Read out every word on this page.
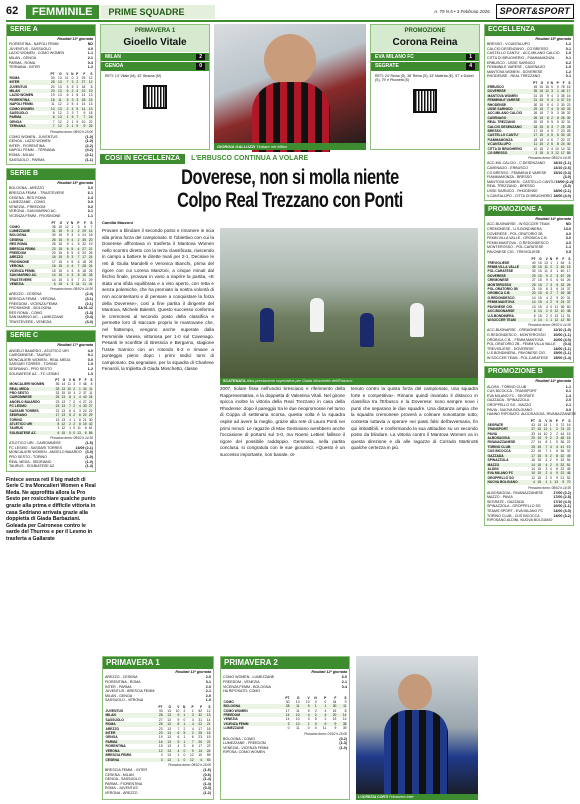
62	FEMMINILE	PRIME SQUADRE	A. 79 N.5 • 3 Febbraio 2026	SPORT&SPORT
SERIE A
Risultati 13ª giornata
FIORENTINA - NAPOLI FEMM.	ND
JUVENTUS - SASSUOLO	4-0
LAZIO WOMEN - COMO WOMEN	1-1
MILAN - GENOA	2-1
PARMA - ROMA	0-3
TERNANA - INTER	1-2
	PT	G	V	N	P	F	S
ROMA	33	13	11	0	2	25	12
INTER	28	13	7	3	2	27	12
JUVENTUS	20	13	5	5	3	18	8
MILAN	20	13	6	2	4	22	19
LAZIO WOMEN	19	13	6	1	6	14	13
FIORENTINA	18	11	5	3	3	18	15
NAPOLI FEMM.	11	12	2	5	4	14	13
COMO WOMEN	10	13	2	4	5	14	13
SASSUOLO	6	12	2	3	7	9	18
PARMA	6	13	1	5	7	7	16
GENOA	7	12	2	1	9	10	22
TERNANA	7	12	2	1	9	9	25
Prossimo turno: 08/02 h.15:00
COMO WOMEN - JUVENTUS	(1-0)
GENOA - LAZIO WOMEN	(1-0)
INTER - FIORENTINA	(2-2)
NAPOLI FEMM. - TERNANA	(4-2)
ROMA - MILAN	(2-1)
SASSUOLO - PARMA	(1-1)
SERIE B
Risultati 15ª giornata
BOLOGNA - AREZZO	3-0
BRESCIA FEMM. - TRASTEVERE	6-1
CESENA - RES ROMA	2-4
LUMEZZANE - COMO	0-0
VENEZIA - FREEDOM	0-2
VERONA - SAN MARINO AC.	0-1
VICENZA FEMM - FROSINONE	1-1
	PT	G	V	N	P	F	S
COMO	36	15	12	1	3	6	7
LUMEZZANE	31	15	9	4	2	29	14
BOLOGNA	30	15	9	3	3	24	15
CESENA	26	15	9	4	2	35	20
RES ROMA	26	15	9	1	5	32	19
BRESCIA FEMM.	23	15	6	5	4	27	21
FREEDOM	20	15	5	5	5	20	28
AREZZO	16	15	5	3	7	17	24
FROSINONE	17	15	4	5	6	18	25
VERONA	16	15	4	4	7	28	24
VICENZA FEMM.	15	15	4	3	8	18	25
SAN MARINO AC.	14	15	4	3	8	16	28
TRASTEVERE	14	15	3	5	7	21	29
VENEZIA	6	15	1	3	11	11	41
Prossimo turno: 08/02 h.14:30
AREZZO - CESENA	(2-4)
BRESCIA FEMM. - VERONA	(3-1)
FREEDOM - VICENZA FEMM.	(2-1)
FROSINONE - BOLOGNA	SA 01-12
RES ROMA - COMO	(1-3)
SAN MARINO AC. - LUMEZZANE	(0-4)
TRASTEVERE - VENEZIA	(3-0)
SERIE C
Risultati 17ª giornata
ANGELO BAIARDO - ATLETICO URI	4-0
CAIROMNESE - TAURUS	9-1
MONCALIERI WOMEN - REAL MEDA	0-0
SASSARI TORRES - TORINO	1-0
SEDRIANO - PRO SESTO	1-2
SOLBIATESE AZ. - FC LESMO	1-0
	PT	G	V	N	P	F	S
MONCALIERI WOMEN	36	14	11	3	0	48	8
REAL MEDA	33	13	10	2	1	34	11
PRO SESTO	33	15	10	3	2	37	11
CAIROMNESE	25	13	8	1	4	40	24
ANGELO BAIARDO	23	13	7	2	4	27	21
FC LESMO	23	13	7	2	4	33	27
SASSARI TORRES	22	13	6	4	3	24	22
SEDRIANO	17	13	5	2	6	22	29
TORINO	13	13	4	1	8	21	30
ATLETICO URI	8	12	2	2	8	15	42
TAURUS	3	12	1	0	11	6	61
SOLBIATESE AZ.	6	15	0	0	13	6	56
Prossimo turno: 08/02 h.14:30
ATLETICO URI - CAIROMNESE	(1-5)
FC LESMO - SASSARI TORRES	13/09 (2-1)
MONCALIERI WOMEN - ANGELO BAIARDO (3-0)
PRO SESTO - TORINO	(1-0)
REAL MEDA - SEDRIANO	(1-0)
TAURUS - SOLBIATESE AZ.	(1-4)
Finisce senza reti il big match di Serie C tra Moncalieri Women e Real Meda. Ne approfitta allora la Pro Sesto per rosicchiare qualche punto grazie alla prima e difficile vittoria in casa Sedriano arrivata grazie alla doppietta di Giada Barbaziani. Goleada per Caironese contro le sarde del Thurros e per il Lesmo in trasferta a Gallarate
PRIMAVERA 1
Gioello Vitale
MILAN	2
GENOA	0
RETI: 13' Vitale (M), 42' Strauss (M)
GIORGIA GALLUZZI Tiralare nel Milan
PROMOZIONE
Corona Reina
EVA MILANO FC	1
SEGRATE	4
RETI: 24' Reina (S), 38' Reina (S), 43' Malerba (E), 57' e Dolzet (S), 79' e Pisonetti (S)
COSI IN ECCELLENZA	L'ERBUSCO CONTINUA A VOLARE
Doverese, non si molla niente
Colpo Real Trezzano con Ponti
Camilla Mazzoni
Provare a blindare il secondo posto e rimanere in scia alla prima forza del campionato. E l'obiettivo con cui la Doverese affrontava in trasferta il Mantova Women nello scontro diretto con la terza classificata, riuscendo in campo a battere le dirette rivali per 2-1. Decisive le reti di Giulia Mandelli e Veronica Bianchi, prima del rigore con cui Lorena Manzoni, a cinque minuti dal fischio finale, provava in vano a riaprire la partita, «E stata una sfida equilibrata e a viso aperto, con retta e senza polemiche, che ha premiato la nostra volontà di non accontentarsi e di pensare a conquistare la forza della Doverese», così a fine partita il dirigente del Mantova, Michele Balestri. Questo successo conferma le cremonesi al secondo posto della classifica e permette loro di staccare proprio le mantovane che, nel frattempo, vengono anche superate dalla Femminile Varese, vittoriosa per 1-0 sul Cavenago. Pesanti le sconfitte di Bresscia e Bergamo, stagione l'Usse Sarnico con un rotondo 6-2 e rimane a punteggio pieno dopo i primi sedici turni di campionato. Da segnalare, per la squadra di Charlene Fenaroli, la tripletta di Giada Moschetto, classe
SCATENATA Altra prestazione superlativa per Giada Moschetto dell'Erbusco
2007, tiolare fissa nell'undici bresciano e riferimento della Rappresentativa, e la doppietta di Valentina Vitali. Nel girone spicca inoltre la vittoria della Real Trezzano in casa della Rhodense: dopo il pareggio tra le due neopromosse nel turno di Coppa di settimana scorsa, questa volta è la squadra ospite ad avere la meglio, grazie alla rete di Laura Ponti nei primi minuti. Le ragazze di Max Geminiano avrebbero anche l'occasione di portarsi sul 2-0, ma Noemi Lettieri fallisce il rigore del possibile raddoppio. Gemmata, nella partita conclusa, si congratula con le sue giocatrici: «Questo è un successo importante, non banale, ot-
tenuto contro la quinta forza del campionato, una squadra forte e competitiva». Rimane quindi invariato il distacco in classifica tra l'Erbusco e la Doverese: sono sempre nove i punti che separano le due squadre. Una distanza ampia che la squadra cremonese proverà a colmare nonostante tutto, contesta tuttavia a sperare nei passi falsi dell'avversaria, fin qui imbattibili, e confermando la sua attitudine su un secondo posto da blindare. La vittoria contro il Mantova Women va in questa direzione e dà alle ragazze di Corrado Martinotti qualche certezza in più.
PRIMAVERA 1
Risultati 13ª giornata
AREZZO - CESENA	2-0
FIORENTINA - ROMA	3-1
INTER - PARMA	2-0
JUVENTUS - BRESCIA FEMM.	2-1
MILAN - GENOA	2-0
SASSUOLO - VERONA	1-0
	PT	G	V	N	P	F	S
JUVENTUS	33	13	10	2	1	52	12
MILAN	28	13	9	1	3	32	13
SASSUOLO	27	13	9	0	4	31	14
ROMA	25	13	8	1	4	22	21
AREZZO	23	13	7	2	4	17	18
INTER	23	13	6	5	2	25	15
GENOA	19	13	6	1	6	23	19
PARMA	16	13	5	1	7	20	22
FIORENTINA	15	13	4	3	6	17	22
VERONA	12	13	4	0	9	14	24
BRESCIA FEMM.	3	13	1	0	12	10	59
CESENA	3	13	1	0	12	4	53
Prossimo turno: 08/02 h.15:00
BRESCIA FEMM. - INTER	(1-6)
CESENA - MILAN	(0-6)
GENOA - SASSUOLO	(1-4)
PARMA - FIORENTINA	(1-4)
ROMA - JUVENTUS	(0-3)
VERONA - AREZZO	(1-2)
PRIMAVERA 2
Risultati 12ª giornata
COMO WOMEN - LUMEZZANE	6-0
FREEDOM - VENEZIA	2-1
VICENZA FEMM - BOLOGNA	0-4
HA RIPOSATO: COMO
	PT	G	V	N	P	F	S
COMO	30	10	10	0	0	34	9
BOLOGNA	28	11	9	1	1	30	11
COMO WOMEN	17	11	5	2	4	16	8
FREEDOM	14	10	4	2	4	20	14
VENEZIA	14	10	3	5	2	13	14
VICENZA FEMM	3	10	1	0	9	9	38
LUMEZZANE	0	11	0	0	11	9	39
Prossimo turno: 01/02 h.15:00
BOLOGNA - COMO	(0-2)
LUMEZZANE - FREEDOM	(1-3)
VENEZIA - VICENZA FEMM	(1-0)
RIPOSA: COMO WOMEN
LUCREZIA CORTI Primavera Inter
ECCELLENZA
Risultati 15ª giornata
BRESSO - V.CANTALUPO	1-2
CALCIO DESENZANO - CG BRESSO	0-1
CASTELLO CANTU' - ACC.MILANO CALCIO 1-0
CITTA DI BRUGHERIO - FIAMMAMONZA	0-1
ERBUSCO - USSE SARNICO	6-2
FEMMINILE VARESE - CAVENAGO	1-0
MANTOVA WOMEN - DOVERESE	1-2
RHODENSE - REAL TREZZANO	0-1
	PT	G	V	N	P	F	S
ERBUSCO	45	15	15	0	0	78	16
DOVERESE	39	15	12	3	1	45	17
MANTOVA WOMEN	31	15	9	4	3	38	16
FEMMINILE VARESE	31	15	9	4	3	37	19
RHODENSE	30	15	9	4	2	30	23
USSE SARNICO	29	15	7	4	5	40	33
ACC.MILANO CALCIO	26	15	7	5	3	38	32
CAVENAGO	26	15	6	2	6	26	30
REAL TREZZANO	20	15	5	5	5	32	31
CALCIO DESENZANO	18	15	5	3	7	25	28
BRESSO	17	15	4	5	7	23	28
CASTELLO CANTU'	17	15	4	5	6	30	43
FIAMMAMONZA	18	15	4	6	7	20	37
V.CANTALUPO	11	15	2	5	8	24	40
CITTA DI BRUGHERIO	10	15	2	4	10	14	32
CG BRESSO	3	15	0	3	12	17	55
Prossimo turno: 08/02 h.14:30
ACC.MIL.CALCIO - C.DESENZANO 18/10 (1-1)
CAVENAGO - ERBUSCO	14/10 (2-6)
CG BRESSO - FEMMINILE VARESE 15/10 (0-3)
FIAMMAMONZA - BRESSO	(3-0)
MANTOVA WOMEN - CASTELLO CANTU' 15/00 (2-2)
REAL TREZZANO - BRESSO	(3-0)
USSE SARNICO - RHODENSE	18/00 (2-1)
V.CANTALUPO - CITTA DI BRUGHERIO 18/00 (4-0)
PROMOZIONE A
Risultati 14ª giornata
ACC.BUONARSE - W.SOCCER TEAM	ND
CREMONESE - U.S.BONDINERA	13-0
DOVERESE - POL.ORATORIO 2B	4-0
FEMM.VILLA VALLE - OROBICA C.B.	3-0
FEMM.MANTOVA - G.REDONDESCO	4-0
MONTEROSSO - POL.CARATESE	1-1
PAVONESE CIG - TREVIGLIESE	0-5
	PT	G	V	N	P	F	S
TREVIGLIESE	40	15	13	1	1	54	8
FEMM.VILLA VALLE	35	15	11	2	2	46	15
POL.CARATESE	30	15	11	3	1	60	17
DOVERESE	29	15	9	2	3	67	26
CREMONESE	27	15	9	0	6	61	26
MONTEROSSO	25	15	7	3	5	32	26
POL.ORATORIO 2B	21	15	6	3	6	24	37
OROBICA C.B.	20	15	6	2	7	39	38
G.REDONDESCO	14	15	4	2	9	20	31
FEMM.MANTOVA	14	15	4	2	9	24	37
PAVONESE CIG.	13	15	4	0	11	36	60
ACC.BUONARSE	6	14	2	0	12	10	48
U.S.BONDINERA	6	15	2	0	13	11	91
W.SOCCER TEAM	4	14	1	1	12	12	50
Prossimo turno: 08/02 h.14:30
ACC.BUONARSE - CREMONESE	12/10 (1-0)
G.REDONDESCO - MONTEROSSO 10/00 (1-1)
OROBICA C.B. - FEMM.MANTOVA	10/00 (4-0)
POL.ORATORIO 2B - FEMM.VILLA VALLE (0-4)
TREVIGLIESE - DOVERESE	14/00 (1-1)
U.S.BONDINERA - PAVONESE CIG. 15/00 (1-1)
W.SOCCER TEAM - POL.CARATESE 15/00 (1-4)
PROMOZIONE B
Risultati 14ª giornata
ALDINI - TORINO CLUB	1-1
CUS BICOCCA - TRANSPORT	0-1
EVA MILANO FC - SEGRATE	1-4
GAZZADA - SPINAZZOLA	2-0
GROPPELLO SG - MAZZO	2-1
PAVIA - NUOVA BOLGIANO	3-0
HANNO RIPOSATO: ALDOSAGGIA, RIVANAZZANESE
	PT	G	V	N	P	F	S
SEGRATE	43	15	14	1	0	72	16
TRANSPORT	37	15	12	1	2	74	22
PAVIA	33	14	10	2	2	44	15
ALBOSAGGIA	29	15	9	2	3	48	16
RIVANAZZANESE	27	14	8	1	5	36	22
TORINO CLUB	25	15	7	4	4	41	19
CUS BICOCCA	22	15	7	1	6	36	32
GAZZADA	17	15	5	2	8	32	49
SPINAZZOLA	16	15	4	2	9	32	54
MAZZO	14	15	4	2	9	32	51
ALDINI	14	15	3	4	8	22	45
EVA MILANO FC	10	15	2	4	9	22	48
GROPPELLO SG	12	15	3	3	9	21	52
NUOVA BOLGIANO	4	15	1	1	13	9	70
Prossimo turno: 08/02 h.14:30
ALBOSAGGIA - RIVANAZZANESE	17/00 (2-2)
MAZZO - PAVIA	17/00 (2-5)
SEGRATE - GAZZADA	17/10 (4-0)
SPINAZZOLA - GROPPELLO SG	16/00 (1-1)
TEAMS SPORT - EVA MILANO FC	14/00 (3-0)
TORINO CLUB - CUS BICOCCA	14/00 (3-2)
RIPOSANO ALDINI, NUOVA BOLGIANO
